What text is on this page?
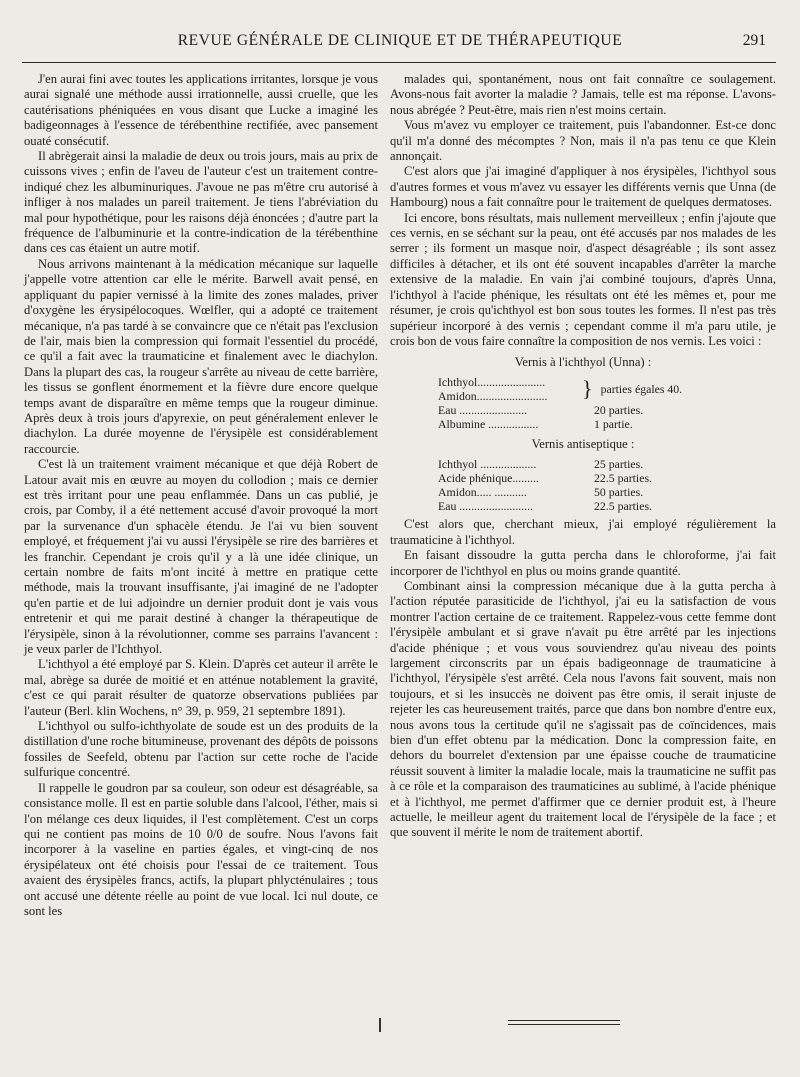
REVUE GÉNÉRALE DE CLINIQUE ET DE THÉRAPEUTIQUE	291

J'en aurai fini avec toutes les applications irritantes, lorsque je vous aurai signalé une méthode aussi irrationnelle, aussi cruelle, que les cautérisations phéniquées en vous disant que Lucke a imaginé les badigeonnages à l'essence de térébenthine rectifiée, avec pansement ouaté consécutif.

Il abrègerait ainsi la maladie de deux ou trois jours, mais au prix de cuissons vives ; enfin de l'aveu de l'auteur c'est un traitement contre-indiqué chez les albuminuriques. J'avoue ne pas m'être cru autorisé à infliger à nos malades un pareil traitement. Je tiens l'abréviation du mal pour hypothétique, pour les raisons déjà énoncées ; d'autre part la fréquence de l'albuminurie et la contre-indication de la térébenthine dans ces cas étaient un autre motif.

Nous arrivons maintenant à la médication mécanique sur laquelle j'appelle votre attention car elle le mérite. Barwell avait pensé, en appliquant du papier vernissé à la limite des zones malades, priver d'oxygène les érysipélocoques. Wœlfler, qui a adopté ce traitement mécanique, n'a pas tardé à se convaincre que ce n'était pas l'exclusion de l'air, mais bien la compression qui formait l'essentiel du procédé, ce qu'il a fait avec la traumaticine et finalement avec le diachylon. Dans la plupart des cas, la rougeur s'arrête au niveau de cette barrière, les tissus se gonflent énormement et la fièvre dure encore quelque temps avant de disparaître en même temps que la rougeur diminue. Après deux à trois jours d'apyrexie, on peut généralement enlever le diachylon. La durée moyenne de l'érysipèle est considérablement raccourcie.

C'est là un traitement vraiment mécanique et que déjà Robert de Latour avait mis en œuvre au moyen du collodion ; mais ce dernier est très irritant pour une peau enflammée. Dans un cas publié, je crois, par Comby, il a été nettement accusé d'avoir provoqué la mort par la survenance d'un sphacèle étendu. Je l'ai vu bien souvent employé, et fréquement j'ai vu aussi l'érysipèle se rire des barrières et les franchir. Cependant je crois qu'il y a là une idée clinique, un certain nombre de faits m'ont incité à mettre en pratique cette méthode, mais la trouvant insuffisante, j'ai imaginé de ne l'adopter qu'en partie et de lui adjoindre un dernier produit dont je vais vous entretenir et qui me parait destiné à changer la thérapeutique de l'érysipèle, sinon à la révolutionner, comme ses parrains l'avancent : je veux parler de l'Ichthyol.

L'ichthyol a été employé par S. Klein. D'après cet auteur il arrête le mal, abrège sa durée de moitié et en atténue notablement la gravité, c'est ce qui parait résulter de quatorze observations publiées par l'auteur (Berl. klin Wochens, n° 39, p. 959, 21 septembre 1891).

L'ichthyol ou sulfo-ichthyolate de soude est un des produits de la distillation d'une roche bitumineuse, provenant des dépôts de poissons fossiles de Seefeld, obtenu par l'action sur cette roche de l'acide sulfurique concentré.

Il rappelle le goudron par sa couleur, son odeur est désagréable, sa consistance molle. Il est en partie soluble dans l'alcool, l'éther, mais si l'on mélange ces deux liquides, il l'est complètement. C'est un corps qui ne contient pas moins de 10 0/0 de soufre. Nous l'avons fait incorporer à la vaseline en parties égales, et vingt-cinq de nos érysipélateux ont été choisis pour l'essai de ce traitement. Tous avaient des érysipèles francs, actifs, la plupart phlycténulaires ; tous ont accusé une détente réelle au point de vue local. Ici nul doute, ce sont les

malades qui, spontanément, nous ont fait connaître ce soulagement. Avons-nous fait avorter la maladie ? Jamais, telle est ma réponse. L'avons-nous abrégée ? Peut-être, mais rien n'est moins certain.

Vous m'avez vu employer ce traitement, puis l'abandonner. Est-ce donc qu'il m'a donné des mécomptes ? Non, mais il n'a pas tenu ce que Klein annonçait.

C'est alors que j'ai imaginé d'appliquer à nos érysipèles, l'ichthyol sous d'autres formes et vous m'avez vu essayer les différents vernis que Unna (de Hambourg) nous a fait connaître pour le traitement de quelques dermatoses.

Ici encore, bons résultats, mais nullement merveilleux ; enfin j'ajoute que ces vernis, en se séchant sur la peau, ont été accusés par nos malades de les serrer ; ils forment un masque noir, d'aspect désagréable ; ils sont assez difficiles à détacher, et ils ont été souvent incapables d'arrêter la marche extensive de la maladie. En vain j'ai combiné toujours, d'après Unna, l'ichthyol à l'acide phénique, les résultats ont été les mêmes et, pour me résumer, je crois qu'ichthyol est bon sous toutes les formes. Il n'est pas très supérieur incorporé à des vernis ; cependant comme il m'a paru utile, je crois bon de vous faire connaître la composition de nos vernis. Les voici :

Vernis à l'ichthyol (Unna) :

Ichthyol.......................
Amidon........................	} parties égales 40.
Eau .......................	20 parties.
Albumine .................	1 partie.

Vernis antiseptique :

Ichthyol ...................	25 parties.
Acide phénique.........	22.5 parties.
Amidon..... ...........	50 parties.
Eau .........................	22.5 parties.

C'est alors que, cherchant mieux, j'ai employé régulièrement la traumaticine à l'ichthyol.

En faisant dissoudre la gutta percha dans le chloroforme, j'ai fait incorporer de l'ichthyol en plus ou moins grande quantité.

Combinant ainsi la compression mécanique due à la gutta percha à l'action réputée parasiticide de l'ichthyol, j'ai eu la satisfaction de vous montrer l'action certaine de ce traitement. Rappelez-vous cette femme dont l'érysipèle ambulant et si grave n'avait pu être arrêté par les injections d'acide phénique ; et vous vous souviendrez qu'au niveau des points largement circonscrits par un épais badigeonnage de traumaticine à l'ichthyol, l'érysipèle s'est arrêté. Cela nous l'avons fait souvent, mais non toujours, et si les insuccès ne doivent pas être omis, il serait injuste de rejeter les cas heureusement traités, parce que dans bon nombre d'entre eux, nous avons tous la certitude qu'il ne s'agissait pas de coïncidences, mais bien d'un effet obtenu par la médication. Donc la compression faite, en dehors du bourrelet d'extension par une épaisse couche de traumaticine réussit souvent à limiter la maladie locale, mais la traumaticine ne suffit pas à ce rôle et la comparaison des traumaticines au sublimé, à l'acide phénique et à l'ichthyol, me permet d'affirmer que ce dernier produit est, à l'heure actuelle, le meilleur agent du traitement local de l'érysipèle de la face ; et que souvent il mérite le nom de traitement abortif.
